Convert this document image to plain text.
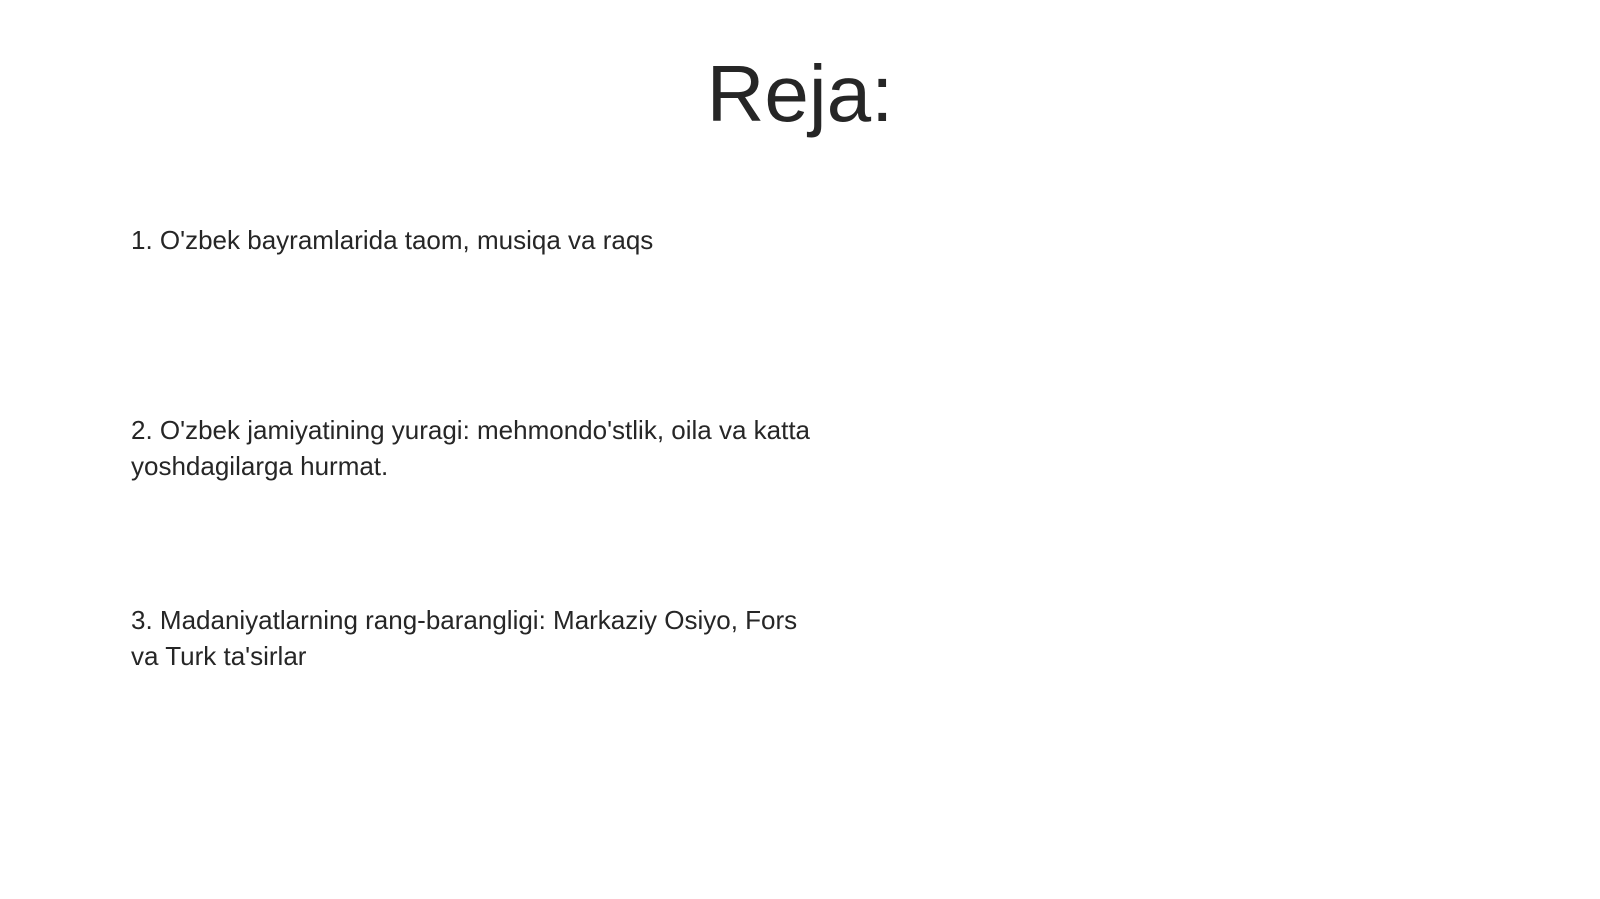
Reja:

1. O'zbek bayramlarida taom, musiqa va raqs

2. O'zbek jamiyatining yuragi: mehmondo'stlik, oila va katta yoshdagilarga hurmat.

3. Madaniyatlarning rang-barangligi: Markaziy Osiyo, Fors va Turk ta'sirlar
